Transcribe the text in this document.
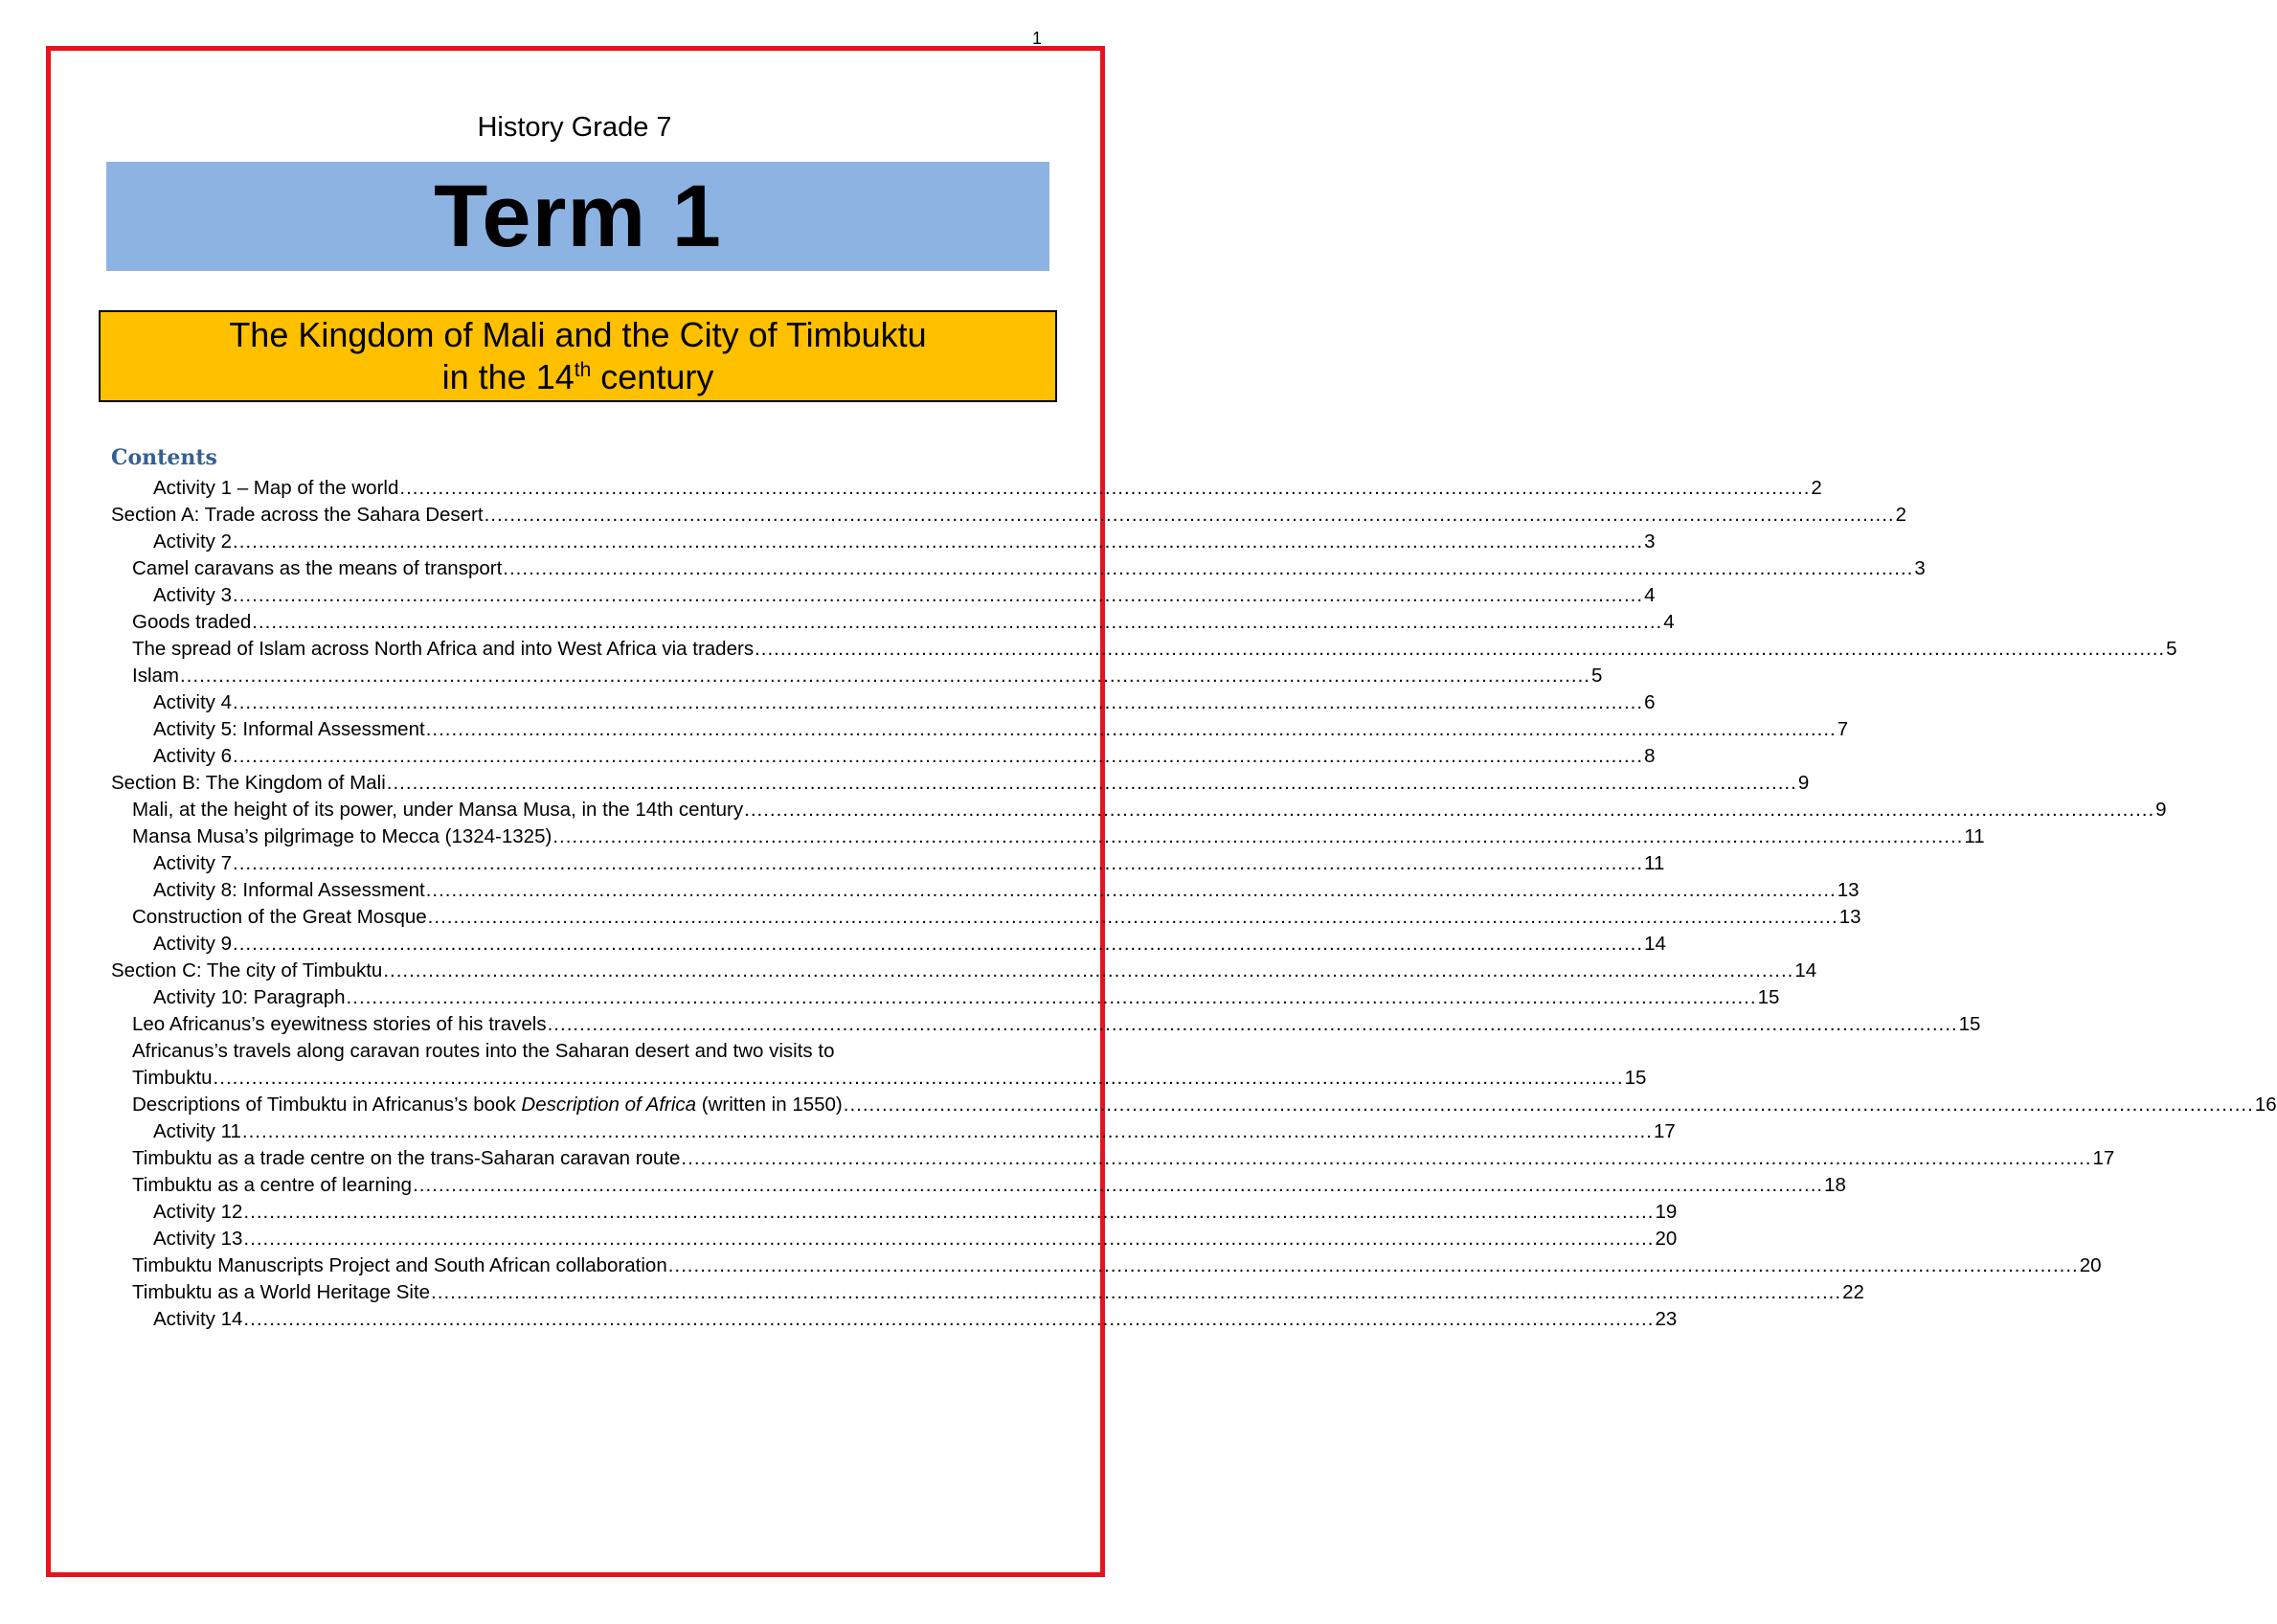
1
History Grade 7
Term 1
The Kingdom of Mali and the City of Timbuktu
in the 14th century
Contents
Activity 1 – Map of the world ............................................................................................................................................................................................................................ 2
Section A: Trade across the Sahara Desert ............................................................................................................................................................................................................................ 2
Activity 2 ............................................................................................................................................................................................................................ 3
Camel caravans as the means of transport ............................................................................................................................................................................................................................ 3
Activity 3 ............................................................................................................................................................................................................................ 4
Goods traded ............................................................................................................................................................................................................................ 4
The spread of Islam across North Africa and into West Africa via traders ............................................................................................................................................................................................................................ 5
Islam ............................................................................................................................................................................................................................ 5
Activity 4 ............................................................................................................................................................................................................................ 6
Activity 5: Informal Assessment ............................................................................................................................................................................................................................ 7
Activity 6 ............................................................................................................................................................................................................................ 8
Section B: The Kingdom of Mali ............................................................................................................................................................................................................................ 9
Mali, at the height of its power, under Mansa Musa, in the 14th century ............................................................................................................................................................................................................................ 9
Mansa Musa’s pilgrimage to Mecca (1324-1325) ............................................................................................................................................................................................................................ 11
Activity 7 ............................................................................................................................................................................................................................ 11
Activity 8: Informal Assessment ............................................................................................................................................................................................................................ 13
Construction of the Great Mosque ............................................................................................................................................................................................................................ 13
Activity 9 ............................................................................................................................................................................................................................ 14
Section C: The city of Timbuktu ............................................................................................................................................................................................................................ 14
Activity 10: Paragraph ............................................................................................................................................................................................................................ 15
Leo Africanus’s eyewitness stories of his travels ............................................................................................................................................................................................................................ 15
Africanus’s travels along caravan routes into the Saharan desert and two visits to
Timbuktu ............................................................................................................................................................................................................................ 15
Descriptions of Timbuktu in Africanus’s book Description of Africa (written in 1550) ............................................................................................................................................................................................................................ 16
Activity 11 ............................................................................................................................................................................................................................ 17
Timbuktu as a trade centre on the trans-Saharan caravan route ............................................................................................................................................................................................................................ 17
Timbuktu as a centre of learning ............................................................................................................................................................................................................................ 18
Activity 12 ............................................................................................................................................................................................................................ 19
Activity 13 ............................................................................................................................................................................................................................ 20
Timbuktu Manuscripts Project and South African collaboration ............................................................................................................................................................................................................................ 20
Timbuktu as a World Heritage Site ............................................................................................................................................................................................................................ 22
Activity 14 ............................................................................................................................................................................................................................ 23
